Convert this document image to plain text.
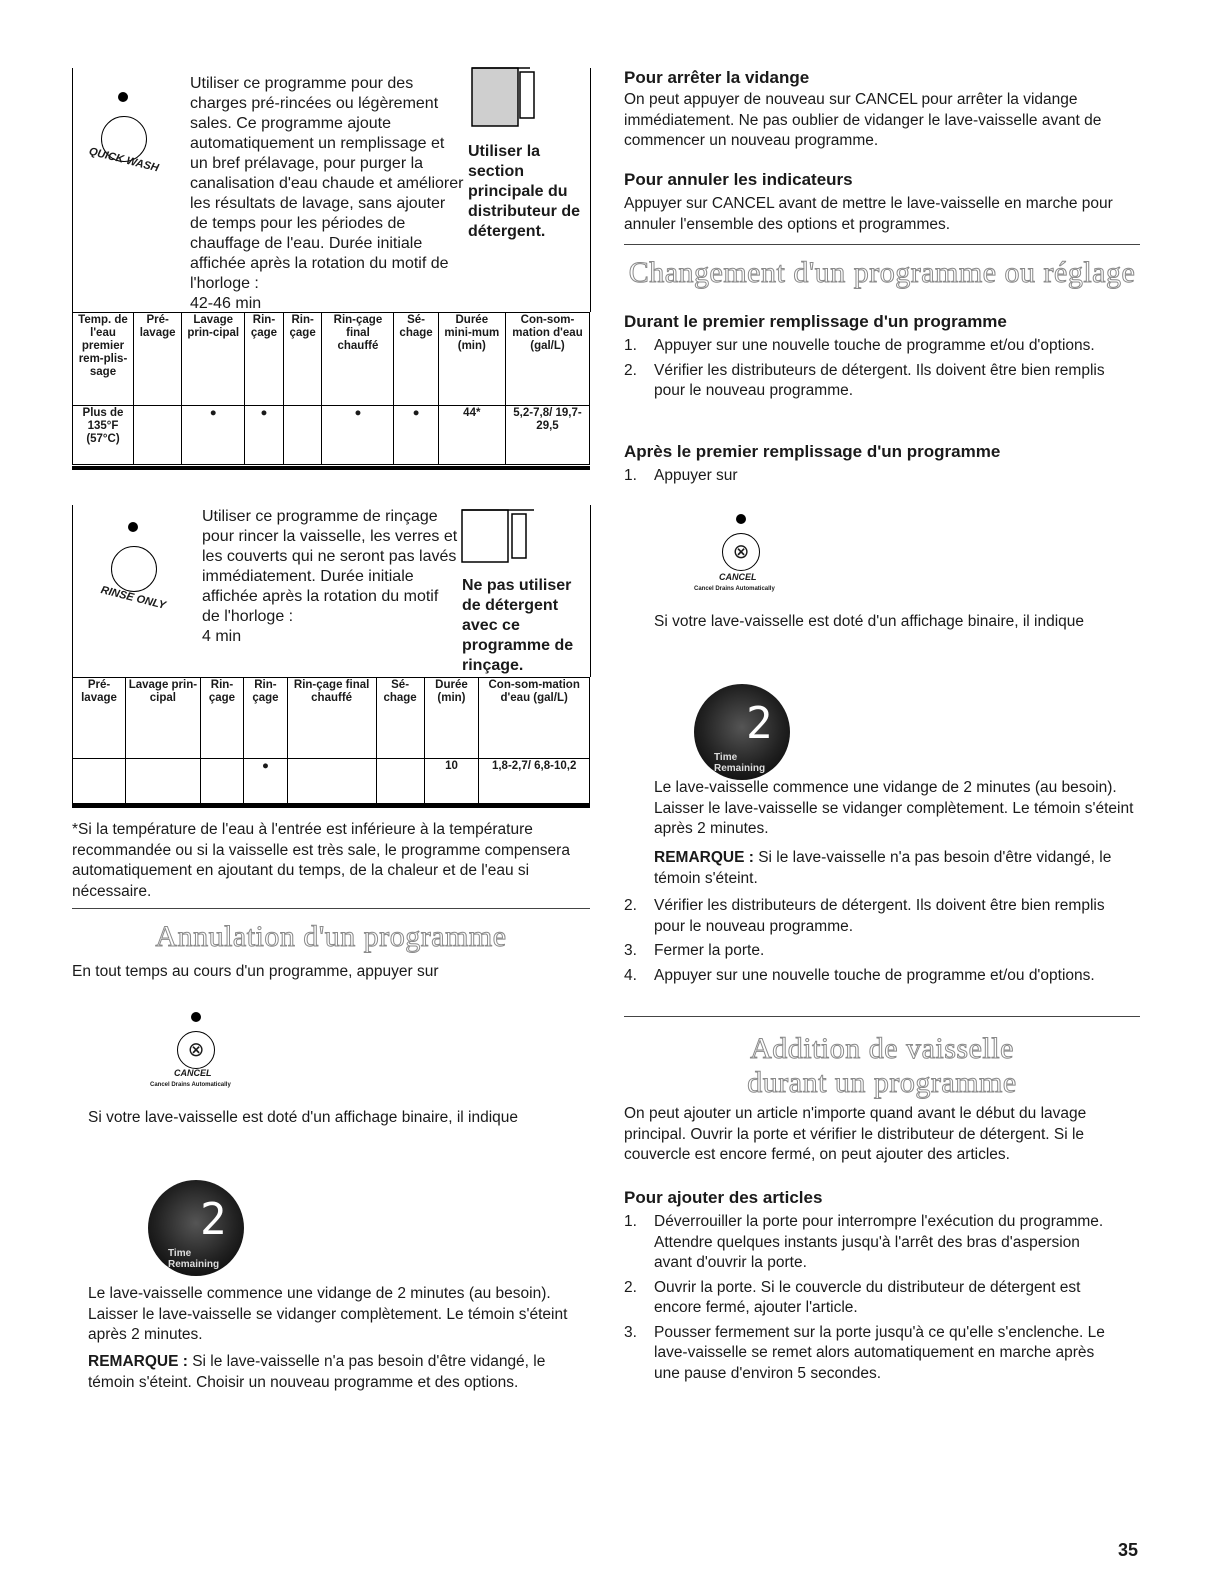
QUICK WASH
Utiliser ce programme pour des charges pré-rincées ou légèrement sales. Ce programme ajoute automatiquement un remplissage et un bref prélavage, pour purger la canalisation d'eau chaude et améliorer les résultats de lavage, sans ajouter de temps pour les périodes de chauffage de l'eau. Durée initiale affichée après la rotation du motif de l'horloge :
42-46 min
Utiliser la section principale du distributeur de détergent.
Temp. de l'eau premier rem-plis-sage	Pré-lavage	Lavage prin-cipal	Rin-çage	Rin-çage	Rin-çage final chauffé	Sé-chage	Durée mini-mum (min)	Con-som-mation d'eau (gal/L)
Plus de 135°F (57°C)		●	●		●	●	44*	5,2-7,8/ 19,7-29,5
RINSE ONLY
Utiliser ce programme de rinçage pour rincer la vaisselle, les verres et les couverts qui ne seront pas lavés immédiatement. Durée initiale affichée après la rotation du motif de l'horloge :
4 min
Ne pas utiliser de détergent avec ce programme de rinçage.
Pré-lavage	Lavage prin-cipal	Rin-çage	Rin-çage	Rin-çage final chauffé	Sé-chage	Durée (min)	Con-som-mation d'eau (gal/L)
			●			10	1,8-2,7/ 6,8-10,2
*Si la température de l'eau à l'entrée est inférieure à la température recommandée ou si la vaisselle est très sale, le programme compensera automatiquement en ajoutant du temps, de la chaleur et de l'eau si nécessaire.
Annulation d'un programme
En tout temps au cours d'un programme, appuyer sur
⊗
CANCEL
Cancel Drains Automatically
Si votre lave-vaisselle est doté d'un affichage binaire, il indique
2
Time Remaining
Le lave-vaisselle commence une vidange de 2 minutes (au besoin). Laisser le lave-vaisselle se vidanger complètement. Le témoin s'éteint après 2 minutes.
REMARQUE : Si le lave-vaisselle n'a pas besoin d'être vidangé, le témoin s'éteint. Choisir un nouveau programme et des options.
Pour arrêter la vidange
On peut appuyer de nouveau sur CANCEL pour arrêter la vidange immédiatement. Ne pas oublier de vidanger le lave-vaisselle avant de commencer un nouveau programme.
Pour annuler les indicateurs
Appuyer sur CANCEL avant de mettre le lave-vaisselle en marche pour annuler l'ensemble des options et programmes.
Changement d'un programme ou réglage
Durant le premier remplissage d'un programme
1. Appuyer sur une nouvelle touche de programme et/ou d'options.
2. Vérifier les distributeurs de détergent. Ils doivent être bien remplis pour le nouveau programme.
Après le premier remplissage d'un programme
1. Appuyer sur
⊗
CANCEL
Cancel Drains Automatically
Si votre lave-vaisselle est doté d'un affichage binaire, il indique
2
Time Remaining
Le lave-vaisselle commence une vidange de 2 minutes (au besoin). Laisser le lave-vaisselle se vidanger complètement. Le témoin s'éteint après 2 minutes.
REMARQUE : Si le lave-vaisselle n'a pas besoin d'être vidangé, le témoin s'éteint.
2. Vérifier les distributeurs de détergent. Ils doivent être bien remplis pour le nouveau programme.
3. Fermer la porte.
4. Appuyer sur une nouvelle touche de programme et/ou d'options.
Addition de vaisselle
durant un programme
On peut ajouter un article n'importe quand avant le début du lavage principal. Ouvrir la porte et vérifier le distributeur de détergent. Si le couvercle est encore fermé, on peut ajouter des articles.
Pour ajouter des articles
1. Déverrouiller la porte pour interrompre l'exécution du programme. Attendre quelques instants jusqu'à l'arrêt des bras d'aspersion avant d'ouvrir la porte.
2. Ouvrir la porte. Si le couvercle du distributeur de détergent est encore fermé, ajouter l'article.
3. Pousser fermement sur la porte jusqu'à ce qu'elle s'enclenche. Le lave-vaisselle se remet alors automatiquement en marche après une pause d'environ 5 secondes.
35
